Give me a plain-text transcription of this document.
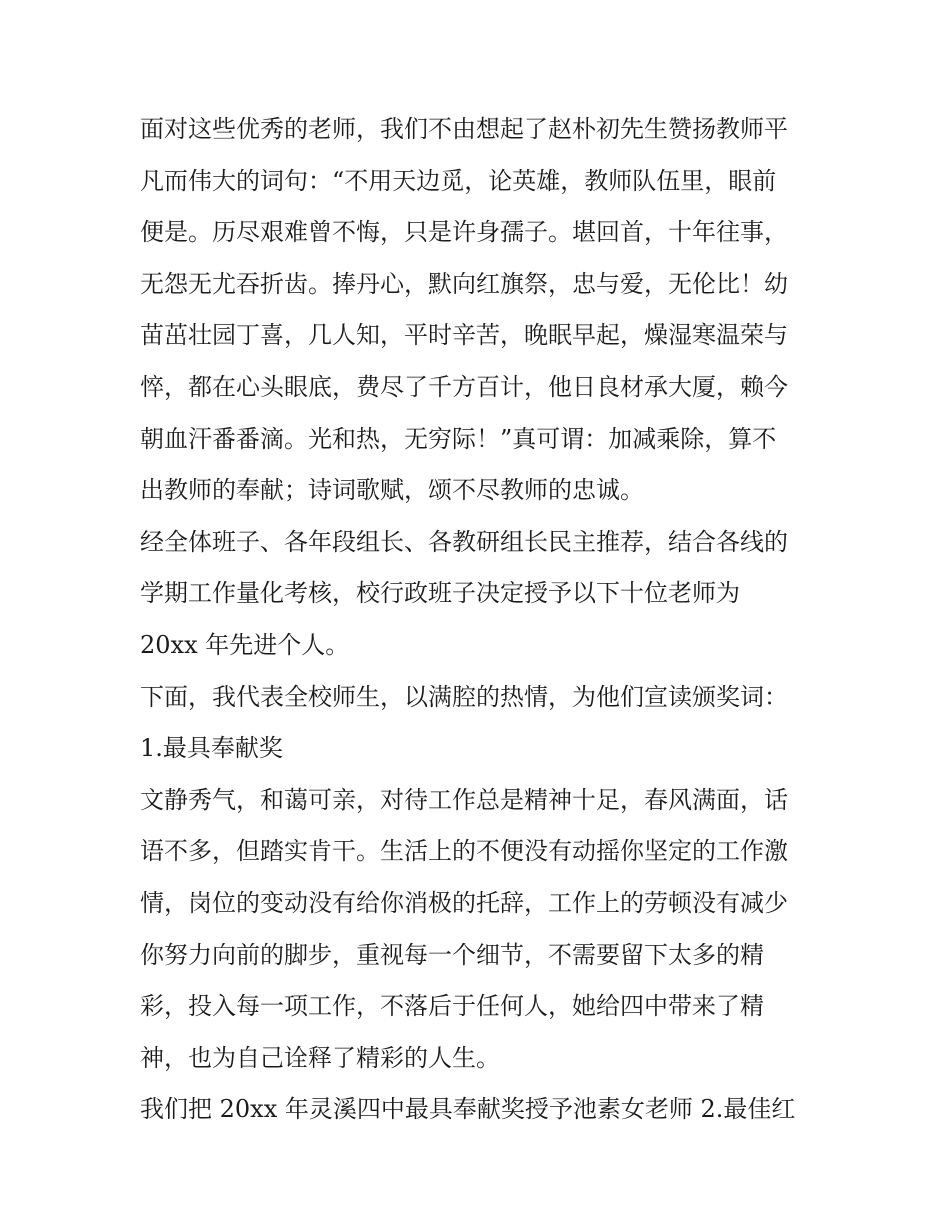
面对这些优秀的老师，我们不由想起了赵朴初先生赞扬教师平
凡而伟大的词句：“不用天边觅，论英雄，教师队伍里，眼前
便是。历尽艰难曾不悔，只是许身孺子。堪回首，十年往事，
无怨无尤吞折齿。捧丹心，默向红旗祭，忠与爱，无伦比！幼
苗茁壮园丁喜，几人知，平时辛苦，晚眠早起，燥湿寒温荣与
悴，都在心头眼底，费尽了千方百计，他日良材承大厦，赖今
朝血汗番番滴。光和热，无穷际！”真可谓：加减乘除，算不
出教师的奉献；诗词歌赋，颂不尽教师的忠诚。
经全体班子、各年段组长、各教研组长民主推荐，结合各线的
学期工作量化考核，校行政班子决定授予以下十位老师为
20xx 年先进个人。
下面，我代表全校师生，以满腔的热情，为他们宣读颁奖词：
1.最具奉献奖
文静秀气，和蔼可亲，对待工作总是精神十足，春风满面，话
语不多，但踏实肯干。生活上的不便没有动摇你坚定的工作激
情，岗位的变动没有给你消极的托辞，工作上的劳顿没有减少
你努力向前的脚步，重视每一个细节，不需要留下太多的精
彩，投入每一项工作，不落后于任何人，她给四中带来了精
神，也为自己诠释了精彩的人生。
我们把 20xx 年灵溪四中最具奉献奖授予池素女老师 2.最佳红
